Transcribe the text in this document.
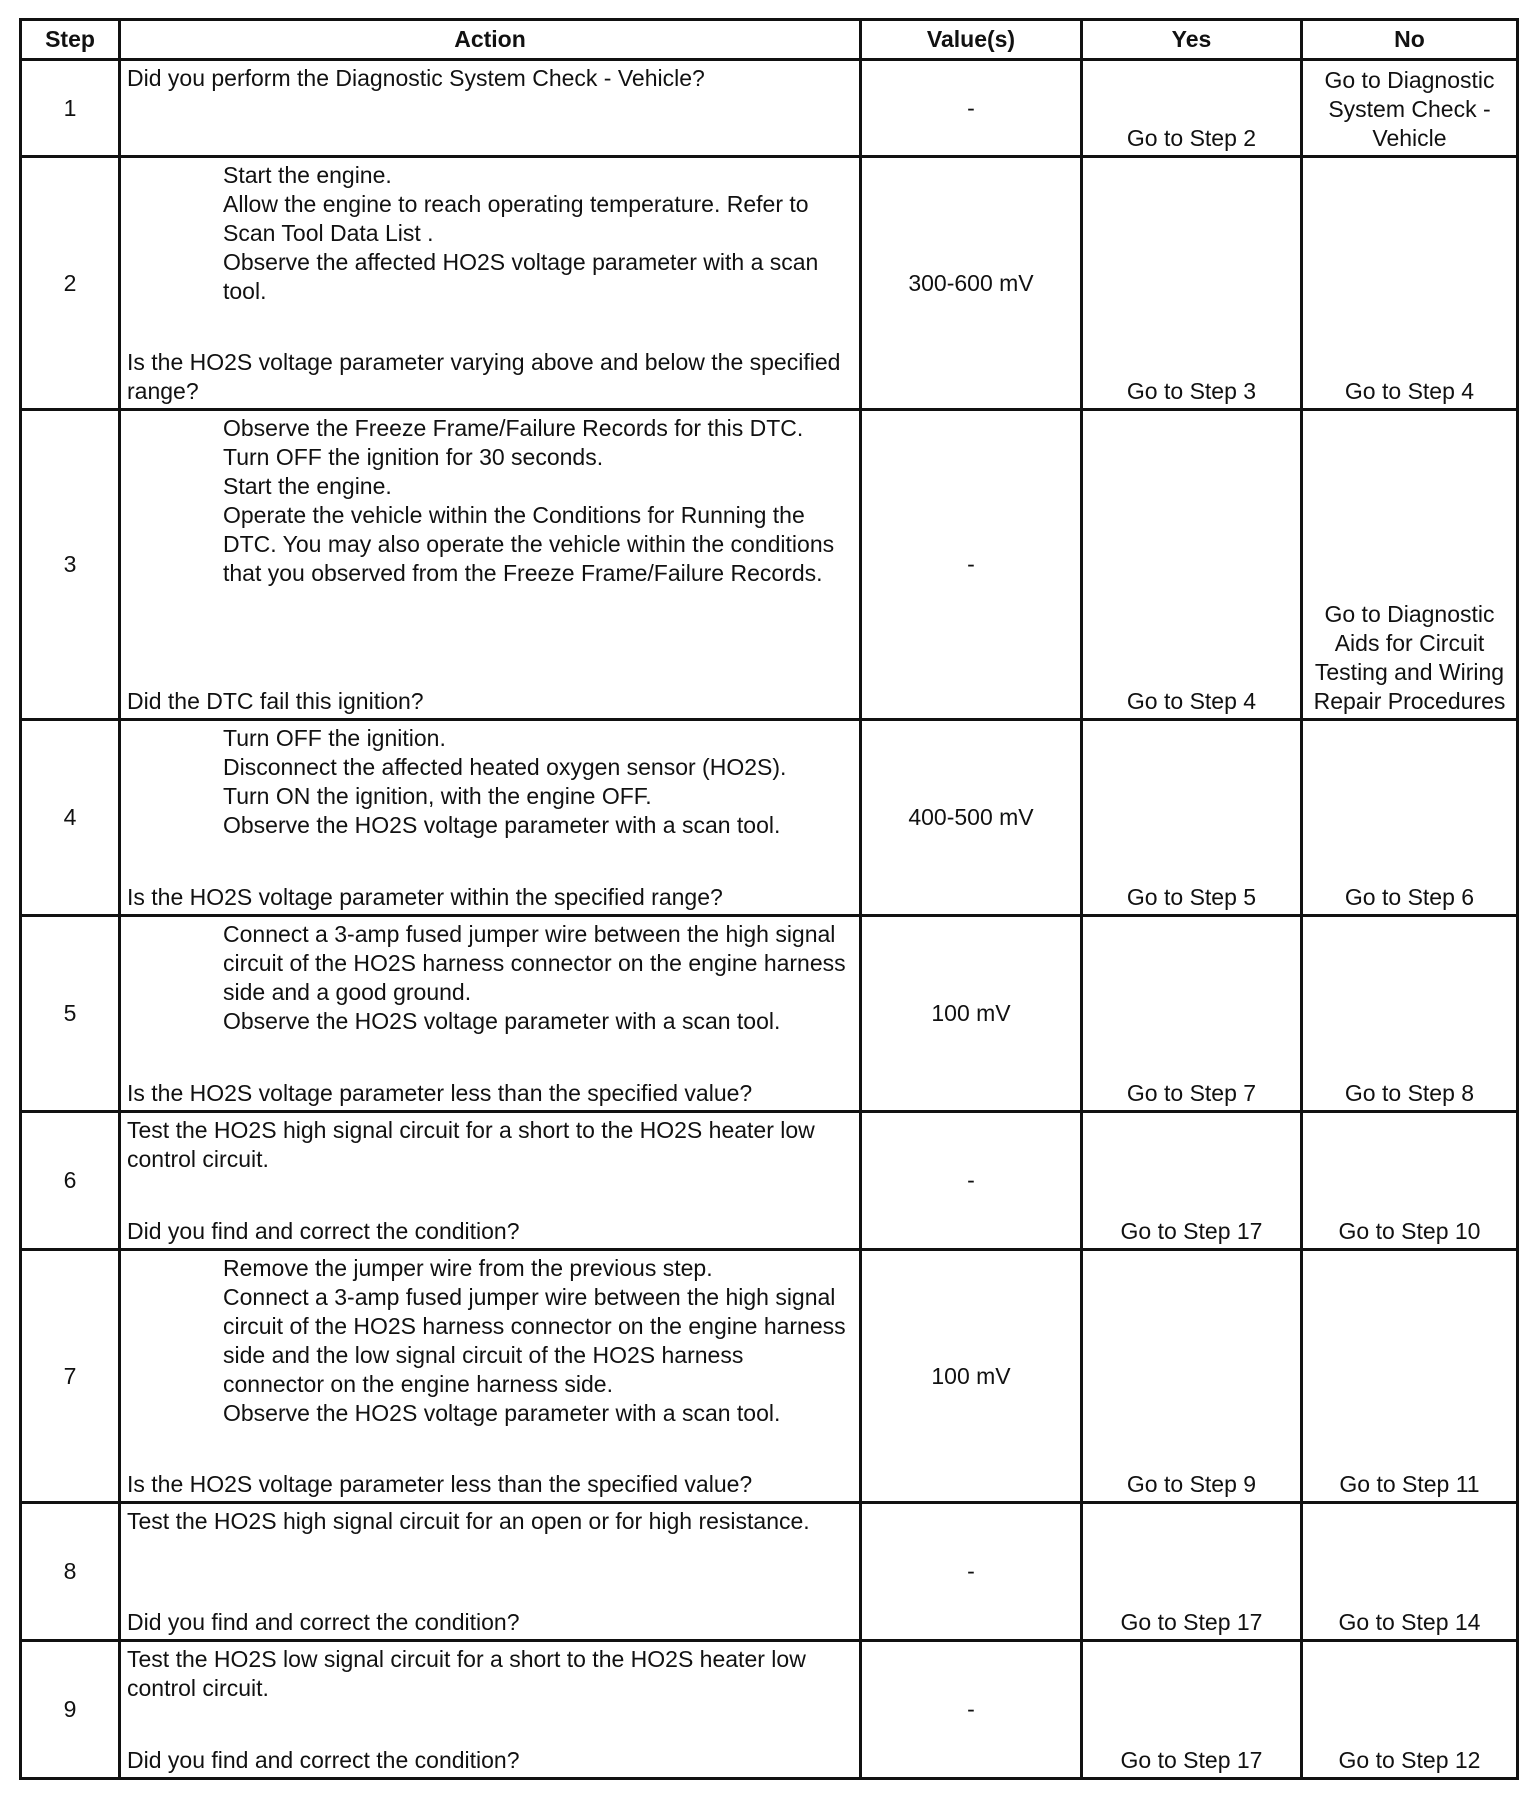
Step	Action	Value(s)	Yes	No
1	Did you perform the Diagnostic System Check - Vehicle?	-	Go to Step 2	Go to Diagnostic System Check - Vehicle
2	Start the engine.
Allow the engine to reach operating temperature. Refer to Scan Tool Data List .
Observe the affected HO2S voltage parameter with a scan tool.
Is the HO2S voltage parameter varying above and below the specified range?	300-600 mV	Go to Step 3	Go to Step 4
3	Observe the Freeze Frame/Failure Records for this DTC.
Turn OFF the ignition for 30 seconds.
Start the engine.
Operate the vehicle within the Conditions for Running the DTC. You may also operate the vehicle within the conditions that you observed from the Freeze Frame/Failure Records.
Did the DTC fail this ignition?	-	Go to Step 4	Go to Diagnostic Aids for Circuit Testing and Wiring Repair Procedures
4	Turn OFF the ignition.
Disconnect the affected heated oxygen sensor (HO2S).
Turn ON the ignition, with the engine OFF.
Observe the HO2S voltage parameter with a scan tool.
Is the HO2S voltage parameter within the specified range?	400-500 mV	Go to Step 5	Go to Step 6
5	Connect a 3-amp fused jumper wire between the high signal circuit of the HO2S harness connector on the engine harness side and a good ground.
Observe the HO2S voltage parameter with a scan tool.
Is the HO2S voltage parameter less than the specified value?	100 mV	Go to Step 7	Go to Step 8
6	Test the HO2S high signal circuit for a short to the HO2S heater low control circuit.
Did you find and correct the condition?	-	Go to Step 17	Go to Step 10
7	Remove the jumper wire from the previous step.
Connect a 3-amp fused jumper wire between the high signal circuit of the HO2S harness connector on the engine harness side and the low signal circuit of the HO2S harness connector on the engine harness side.
Observe the HO2S voltage parameter with a scan tool.
Is the HO2S voltage parameter less than the specified value?	100 mV	Go to Step 9	Go to Step 11
8	Test the HO2S high signal circuit for an open or for high resistance.
Did you find and correct the condition?	-	Go to Step 17	Go to Step 14
9	Test the HO2S low signal circuit for a short to the HO2S heater low control circuit.
Did you find and correct the condition?	-	Go to Step 17	Go to Step 12
